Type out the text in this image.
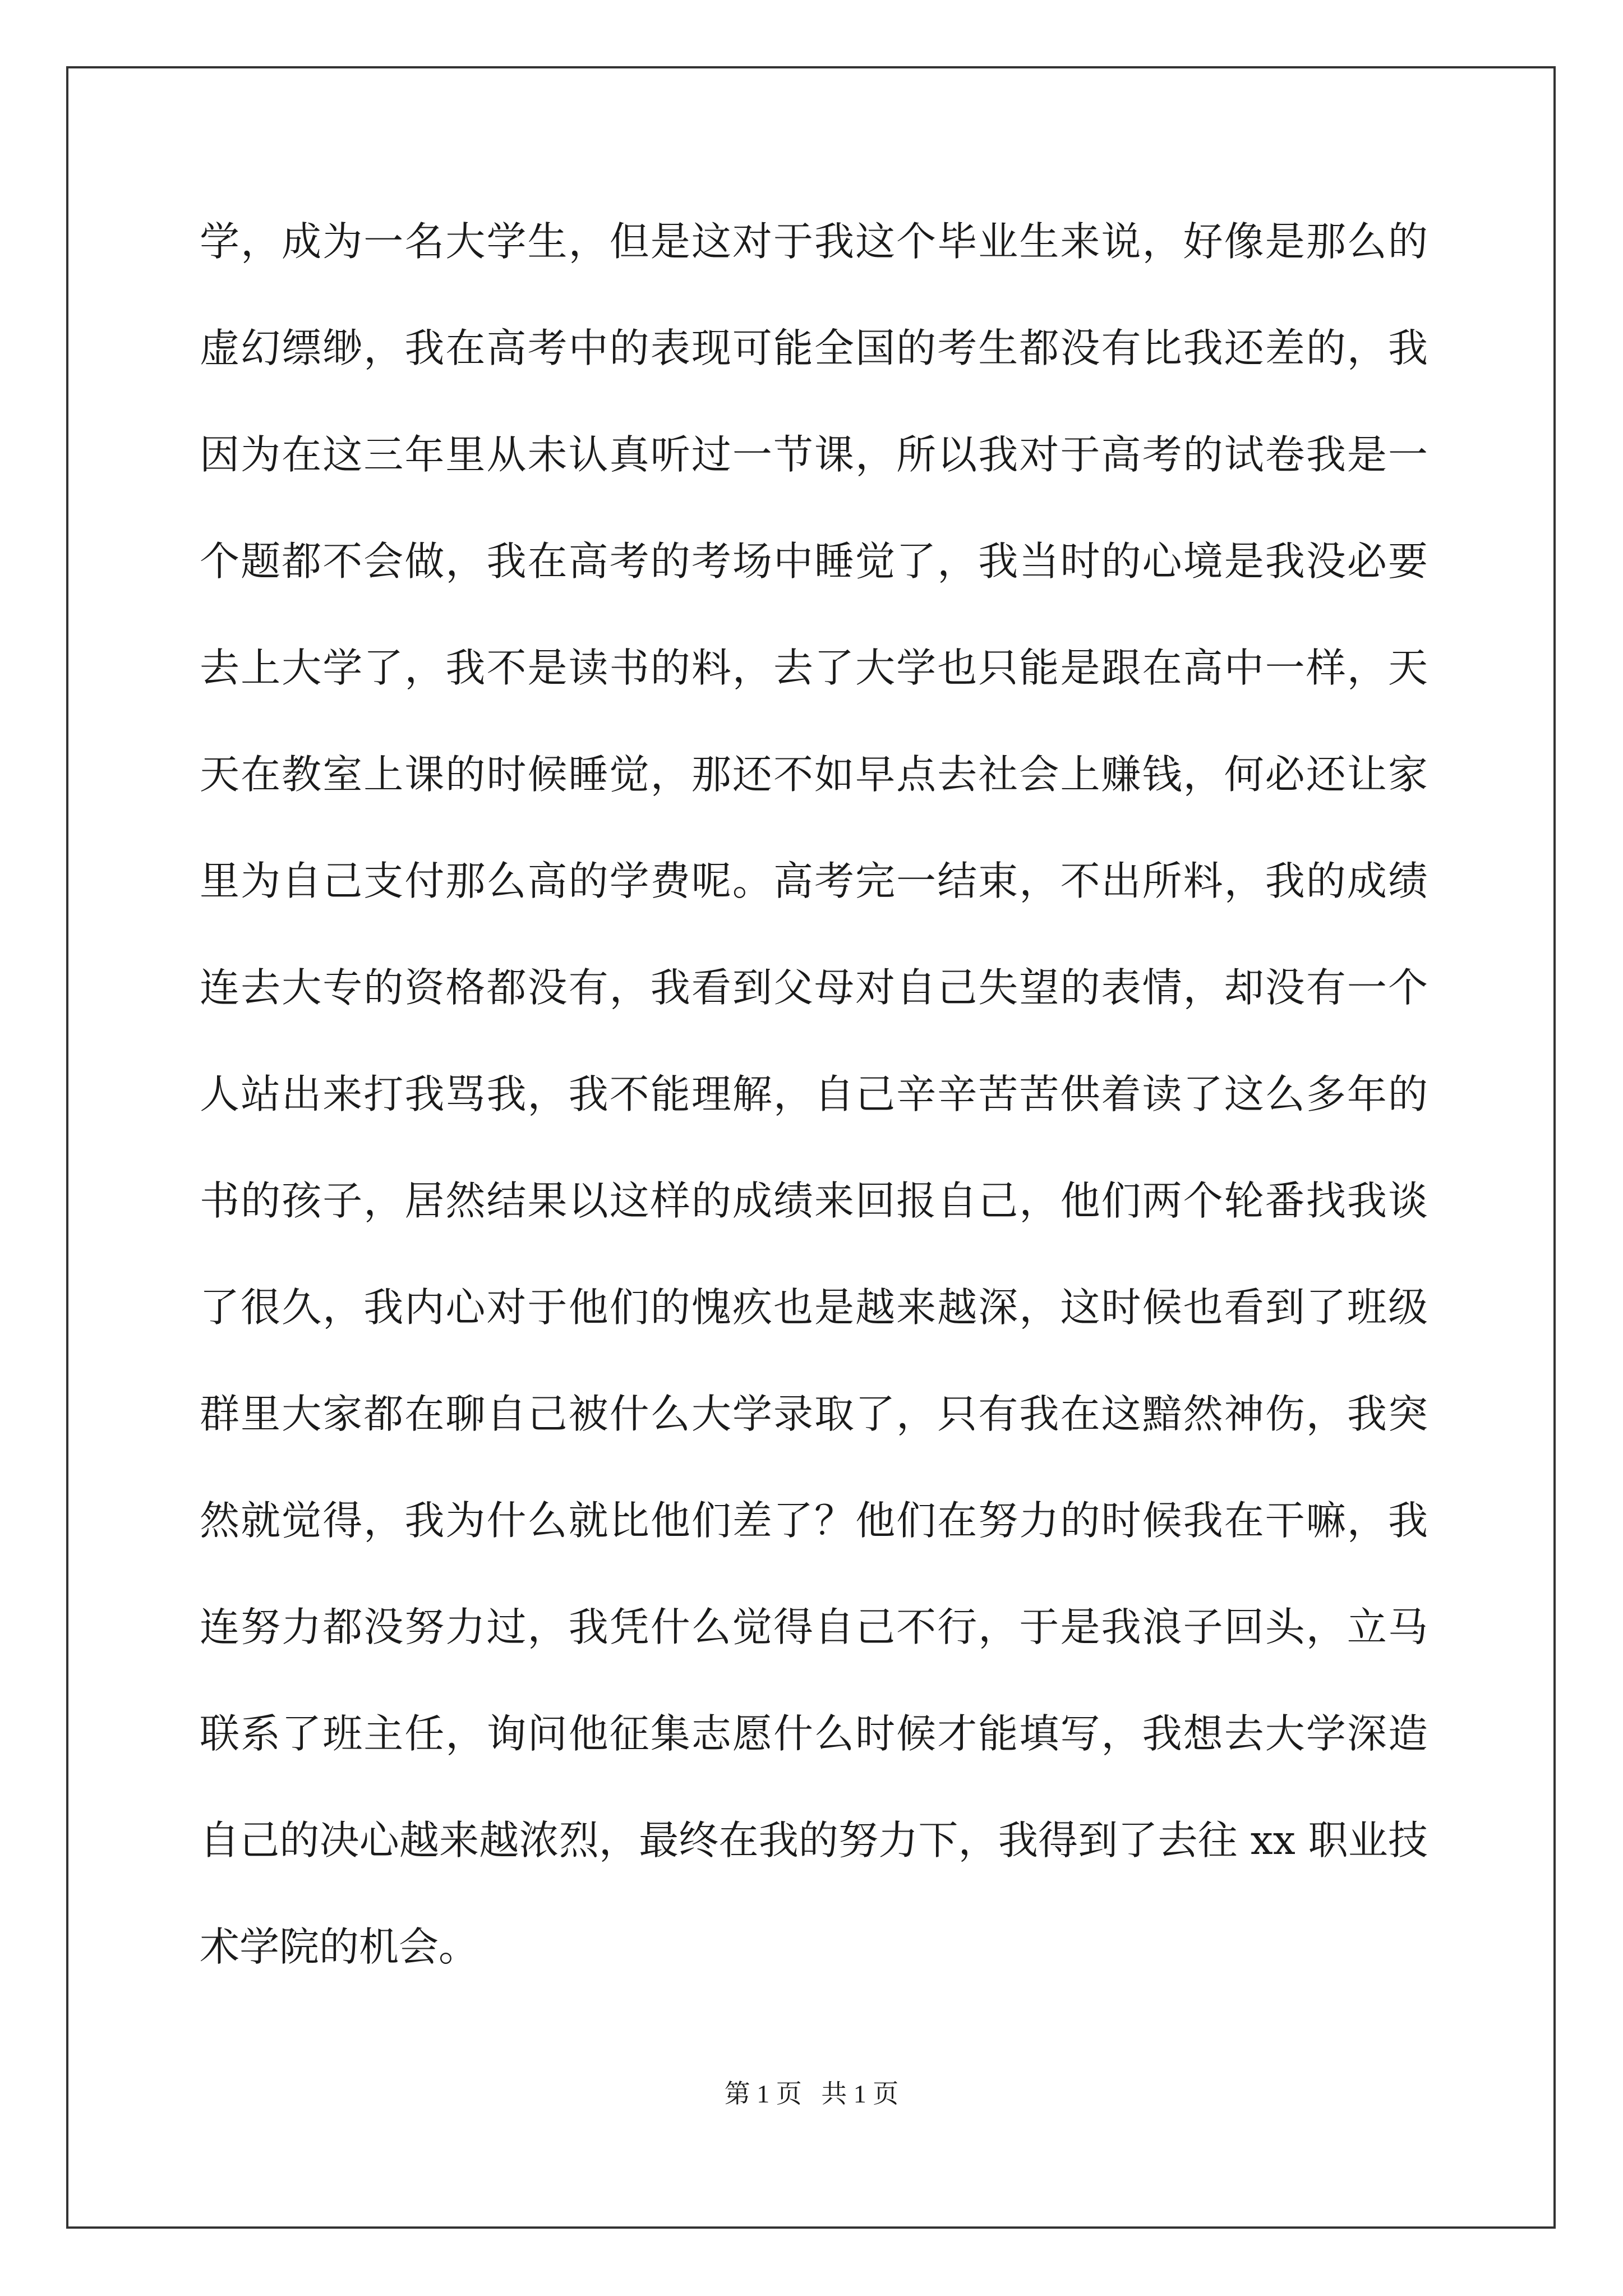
学，成为一名大学生，但是这对于我这个毕业生来说，好像是那么的
虚幻缥缈，我在高考中的表现可能全国的考生都没有比我还差的，我
因为在这三年里从未认真听过一节课，所以我对于高考的试卷我是一
个题都不会做，我在高考的考场中睡觉了，我当时的心境是我没必要
去上大学了，我不是读书的料，去了大学也只能是跟在高中一样，天
天在教室上课的时候睡觉，那还不如早点去社会上赚钱，何必还让家
里为自己支付那么高的学费呢。高考完一结束，不出所料，我的成绩
连去大专的资格都没有，我看到父母对自己失望的表情，却没有一个
人站出来打我骂我，我不能理解，自己辛辛苦苦供着读了这么多年的
书的孩子，居然结果以这样的成绩来回报自己，他们两个轮番找我谈
了很久，我内心对于他们的愧疚也是越来越深，这时候也看到了班级
群里大家都在聊自己被什么大学录取了，只有我在这黯然神伤，我突
然就觉得，我为什么就比他们差了？他们在努力的时候我在干嘛，我
连努力都没努力过，我凭什么觉得自己不行，于是我浪子回头，立马
联系了班主任，询问他征集志愿什么时候才能填写，我想去大学深造
自己的决心越来越浓烈，最终在我的努力下，我得到了去往 xx 职业技
术学院的机会。
第 1 页 共 1 页
